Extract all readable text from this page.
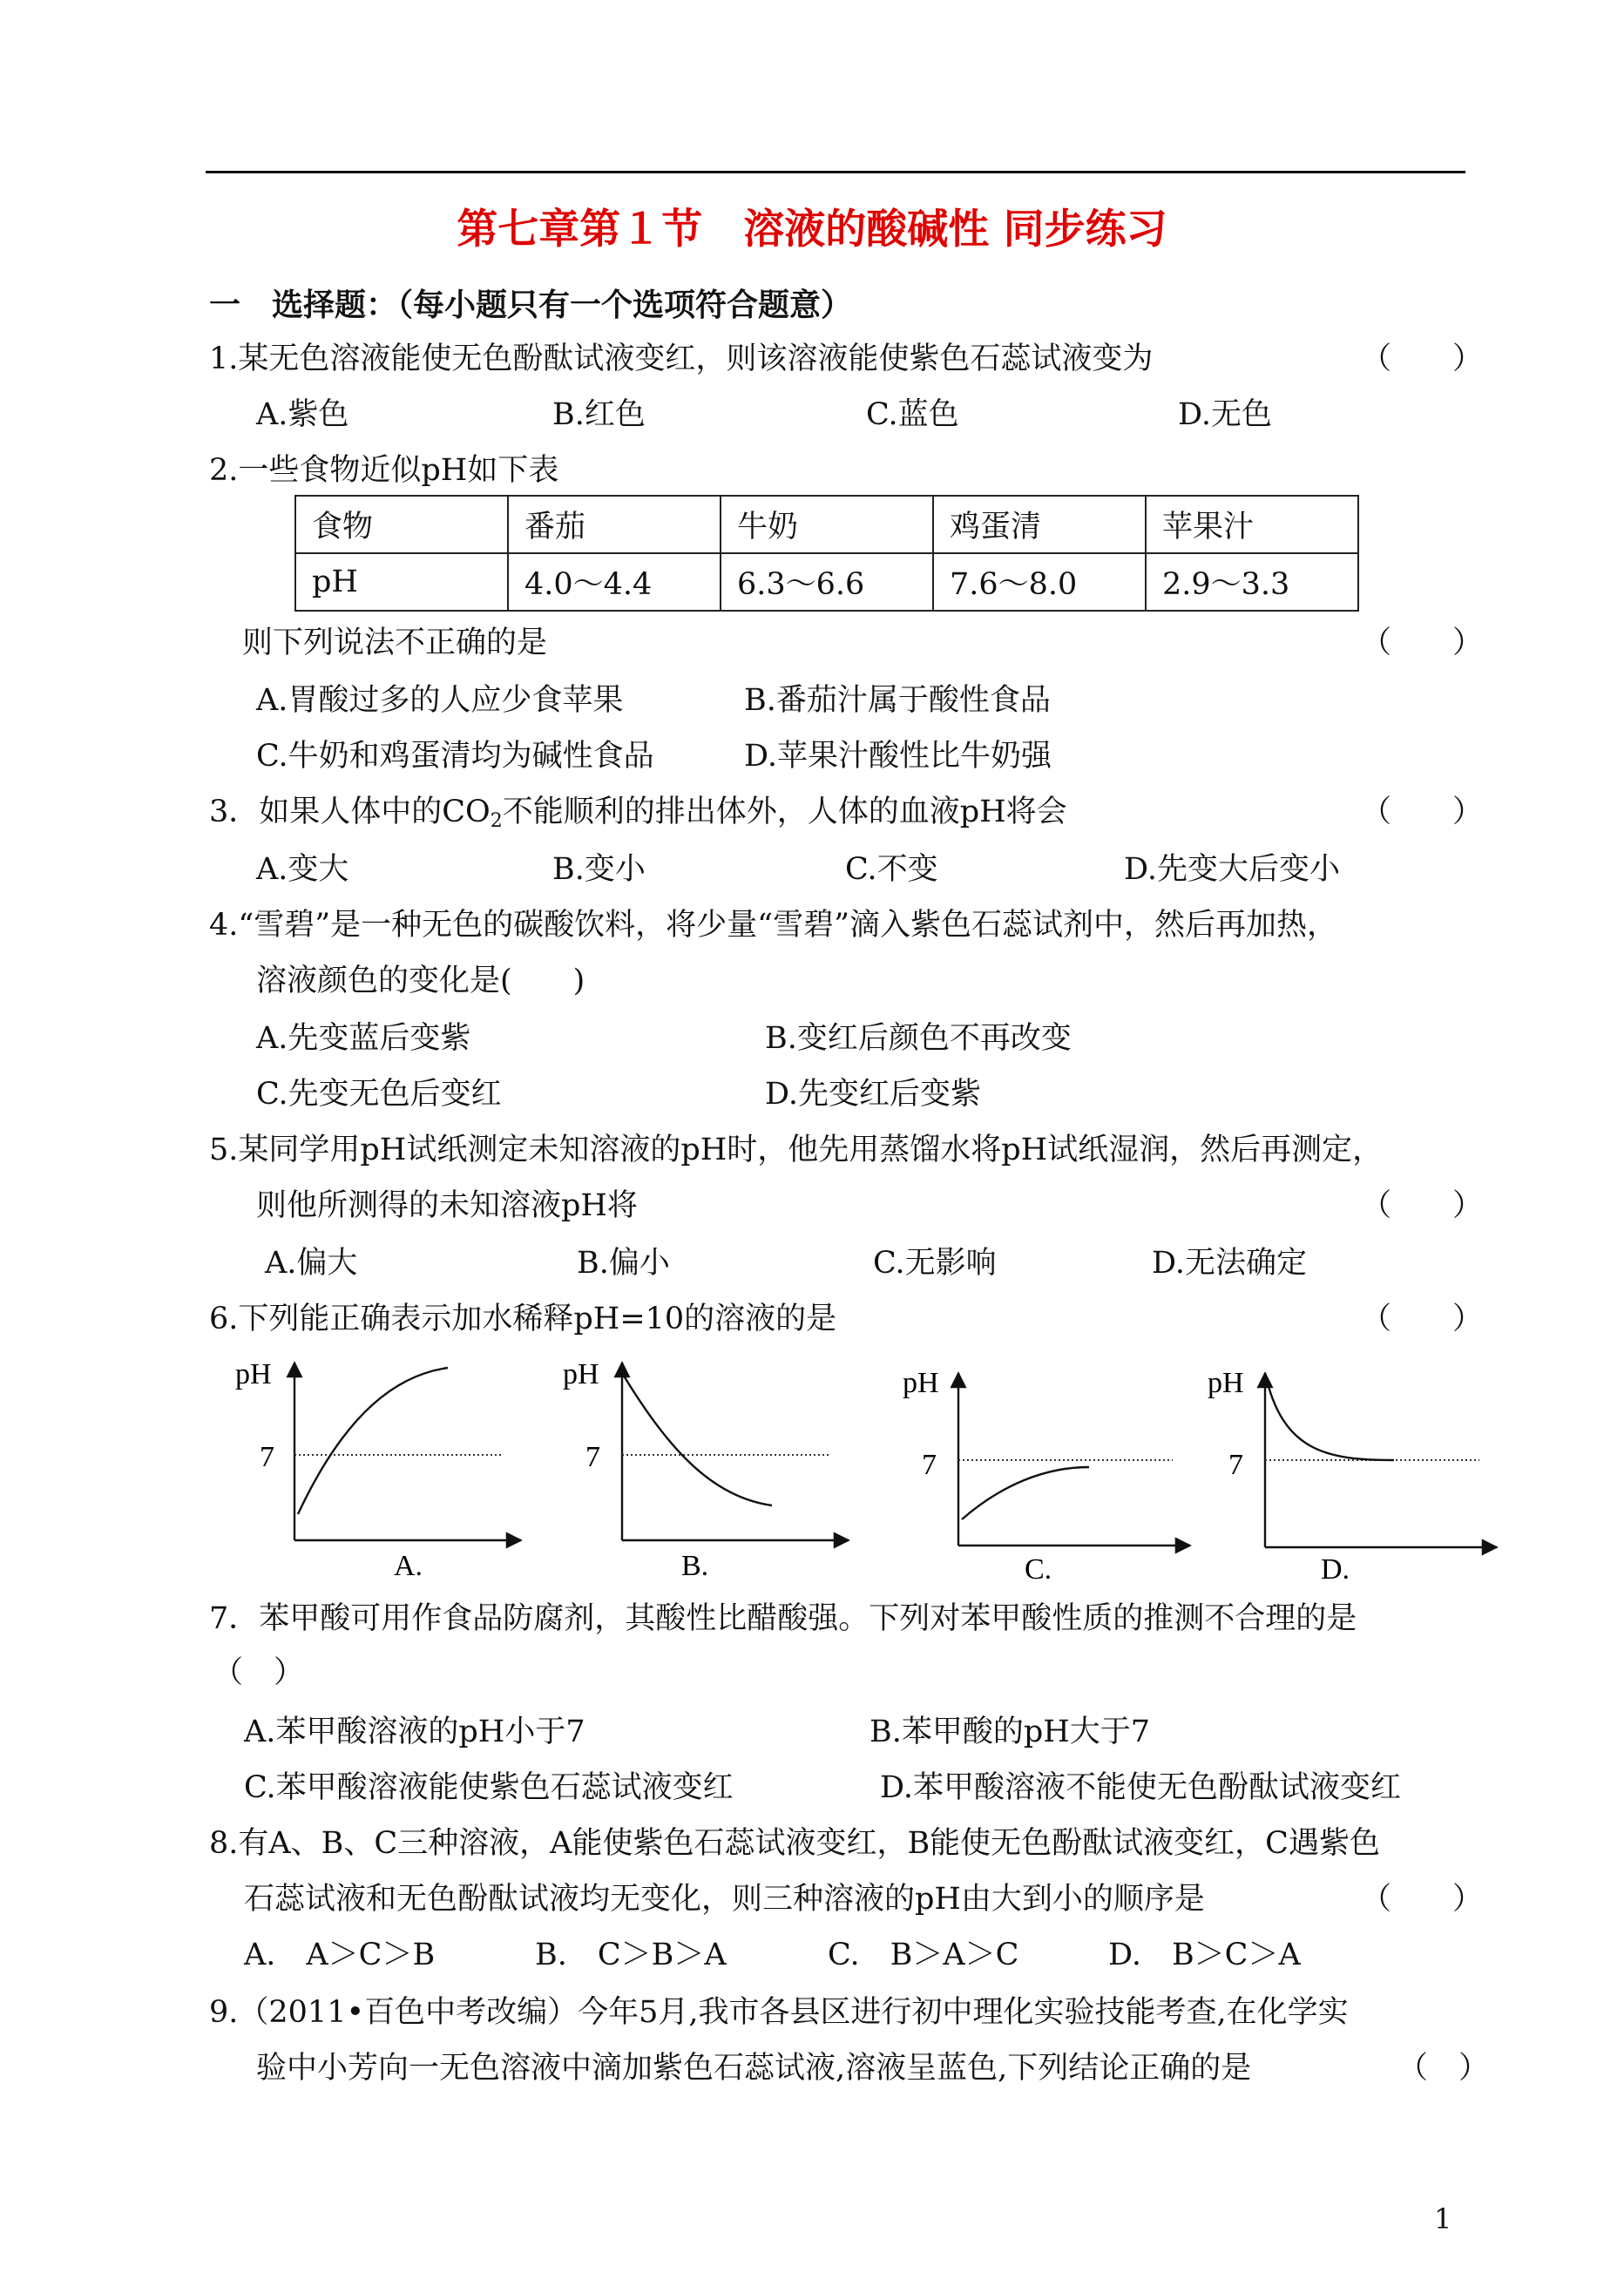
第七章第１节　溶液的酸碱性 同步练习
一　选择题：（每小题只有一个选项符合题意）
1.某无色溶液能使无色酚酞试液变红，则该溶液能使紫色石蕊试液变为	（　　）
A.紫色	B.红色	C.蓝色	D.无色
2.一些食物近似pH如下表
食物	番茄	牛奶	鸡蛋清	苹果汁
pH	4.0～4.4	6.3～6.6	7.6～8.0	2.9～3.3
则下列说法不正确的是	（　　）
A.胃酸过多的人应少食苹果	B.番茄汁属于酸性食品
C.牛奶和鸡蛋清均为碱性食品	D.苹果汁酸性比牛奶强
3．如果人体中的$CO_2$不能顺利的排出体外，人体的血液pH将会	（　　）
A.变大	B.变小	C.不变	D.先变大后变小
4.“雪碧”是一种无色的碳酸饮料，将少量“雪碧”滴入紫色石蕊试剂中，然后再加热，
溶液颜色的变化是(　　)
A.先变蓝后变紫	B.变红后颜色不再改变
C.先变无色后变红	D.先变红后变紫
5.某同学用pH试纸测定未知溶液的pH时，他先用蒸馏水将pH试纸湿润，然后再测定，
则他所测得的未知溶液pH将	（　　）
A.偏大	B.偏小	C.无影响	D.无法确定
6.下列能正确表示加水稀释pH=10的溶液的是	（　　）
pH
7
A.
pH
7
B.
pH
7
C.
pH
7
D.
7．苯甲酸可用作食品防腐剂，其酸性比醋酸强。下列对苯甲酸性质的推测不合理的是
（　）
A.苯甲酸溶液的pH小于7	B.苯甲酸的pH大于7
C.苯甲酸溶液能使紫色石蕊试液变红	D.苯甲酸溶液不能使无色酚酞试液变红
8.有A、B、C三种溶液，A能使紫色石蕊试液变红，B能使无色酚酞试液变红，C遇紫色
石蕊试液和无色酚酞试液均无变化，则三种溶液的pH由大到小的顺序是	（　　）
A.　A＞C＞B	B.　C＞B＞A	C.　B＞A＞C	D.　B＞C＞A
9.（2011•百色中考改编）今年5月,我市各县区进行初中理化实验技能考查,在化学实
验中小芳向一无色溶液中滴加紫色石蕊试液,溶液呈蓝色,下列结论正确的是	（　）
1
